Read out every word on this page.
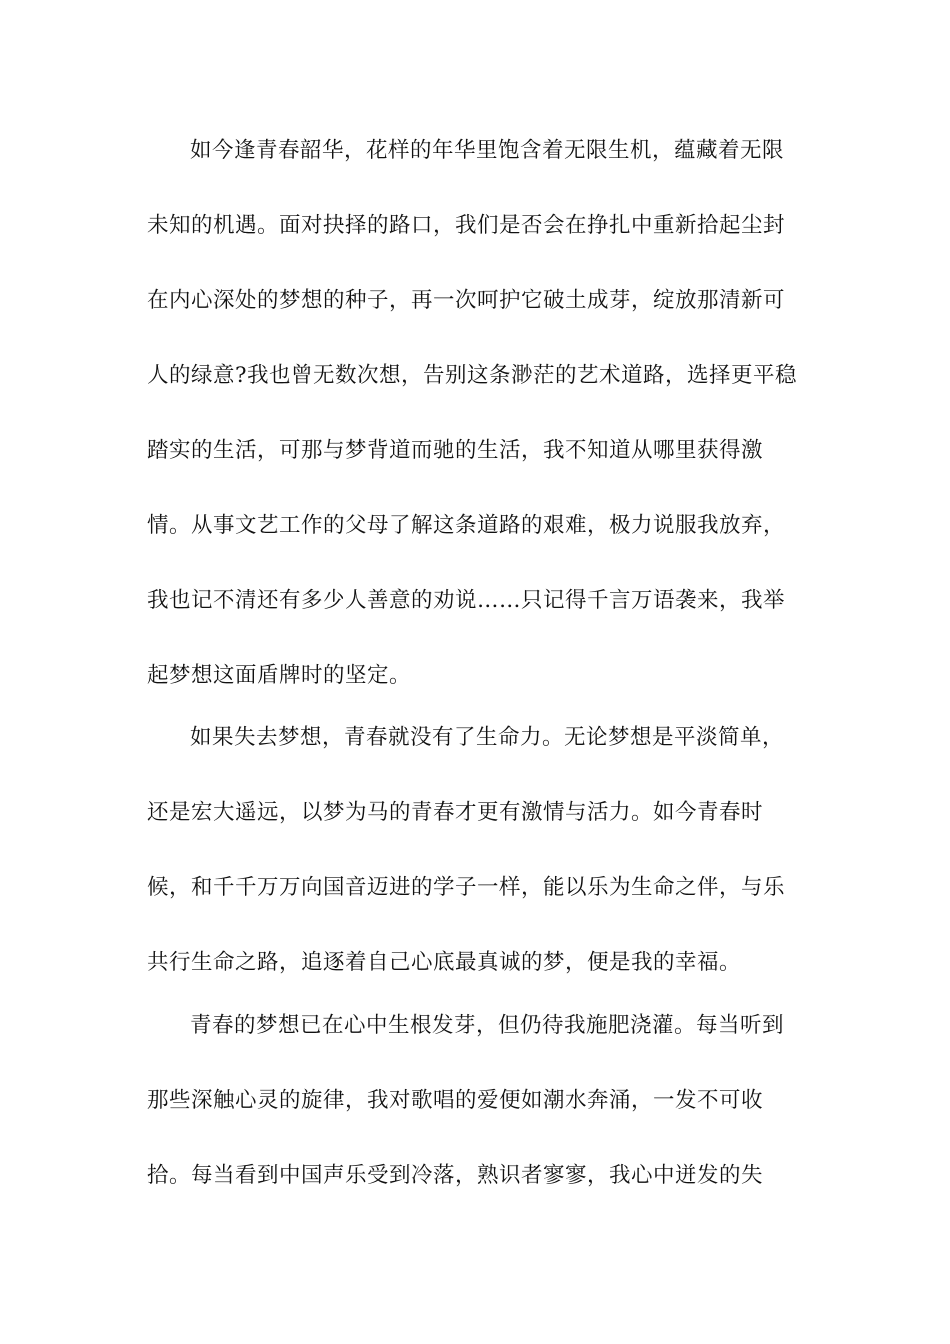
如今逢青春韶华，花样的年华里饱含着无限生机，蕴藏着无限
未知的机遇。面对抉择的路口，我们是否会在挣扎中重新拾起尘封
在内心深处的梦想的种子，再一次呵护它破土成芽，绽放那清新可
人的绿意?我也曾无数次想，告别这条渺茫的艺术道路，选择更平稳
踏实的生活，可那与梦背道而驰的生活，我不知道从哪里获得激
情。从事文艺工作的父母了解这条道路的艰难，极力说服我放弃，
我也记不清还有多少人善意的劝说……只记得千言万语袭来，我举
起梦想这面盾牌时的坚定。
如果失去梦想，青春就没有了生命力。无论梦想是平淡简单，
还是宏大遥远，以梦为马的青春才更有激情与活力。如今青春时
候，和千千万万向国音迈进的学子一样，能以乐为生命之伴，与乐
共行生命之路，追逐着自己心底最真诚的梦，便是我的幸福。
青春的梦想已在心中生根发芽，但仍待我施肥浇灌。每当听到
那些深触心灵的旋律，我对歌唱的爱便如潮水奔涌，一发不可收
拾。每当看到中国声乐受到冷落，熟识者寥寥，我心中迸发的失
